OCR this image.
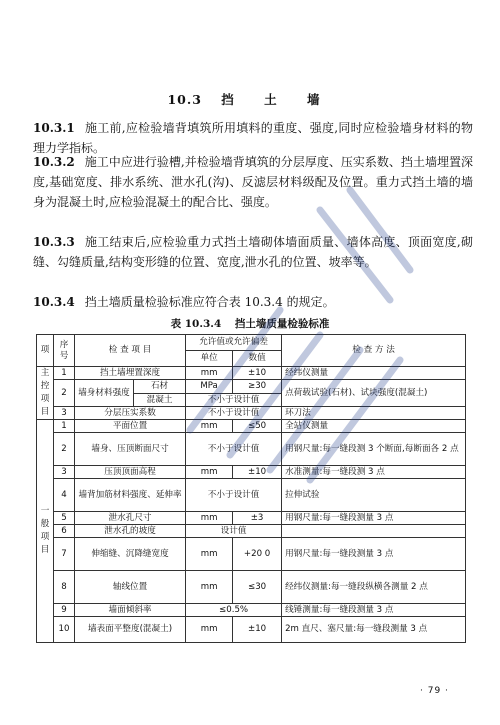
10.3 挡 土 墙
10.3.1 施工前,应检验墙背填筑所用填料的重度、强度,同时应检验墙身材料的物理力学指标。
10.3.2 施工中应进行验槽,并检验墙背填筑的分层厚度、压实系数、挡土墙埋置深度,基础宽度、排水系统、泄水孔(沟)、反滤层材料级配及位置。重力式挡土墙的墙身为混凝土时,应检验混凝土的配合比、强度。
10.3.3 施工结束后,应检验重力式挡土墙砌体墙面质量、墙体高度、顶面宽度,砌缝、勾缝质量,结构变形缝的位置、宽度,泄水孔的位置、坡率等。
10.3.4 挡土墙质量检验标准应符合表 10.3.4 的规定。
表 10.3.4 挡土墙质量检验标准
项	序号	检 查 项 目		允许值或允许偏差		检 查 方 法
				单位	数值	
主控项目	1	挡土墙埋置深度		mm	±10	经纬仪测量
	2	墙身材料强度	石材	MPa	≥30	点荷载试验(石材)、试块强度(混凝土)
			混凝土	不小于设计值		
	3	分层压实系数		不小于设计值		环刀法
一般项目	1	平面位置		mm	≤50	全站仪测量
	2	墙身、压顶断面尺寸		不小于设计值		用钢尺量:每一缝段测 3 个断面,每断面各 2 点
	3	压顶顶面高程		mm	±10	水准测量:每一缝段测 3 点
	4	墙背加筋材料强度、延伸率		不小于设计值		拉伸试验
	5	泄水孔尺寸		mm	±3	用钢尺量:每一缝段测量 3 点
	6	泄水孔的坡度		设计值		
	7	伸缩缝、沉降缝宽度		mm	+20 0	用钢尺量:每一缝段测量 3 点
	8	轴线位置		mm	≤30	经纬仪测量:每一缝段纵横各测量 2 点
	9	墙面倾斜率		≤0.5%		线锤测量:每一缝段测量 3 点
	10	墙表面平整度(混凝土)		mm	±10	2m 直尺、塞尺量:每一缝段测量 3 点
· 79 ·
